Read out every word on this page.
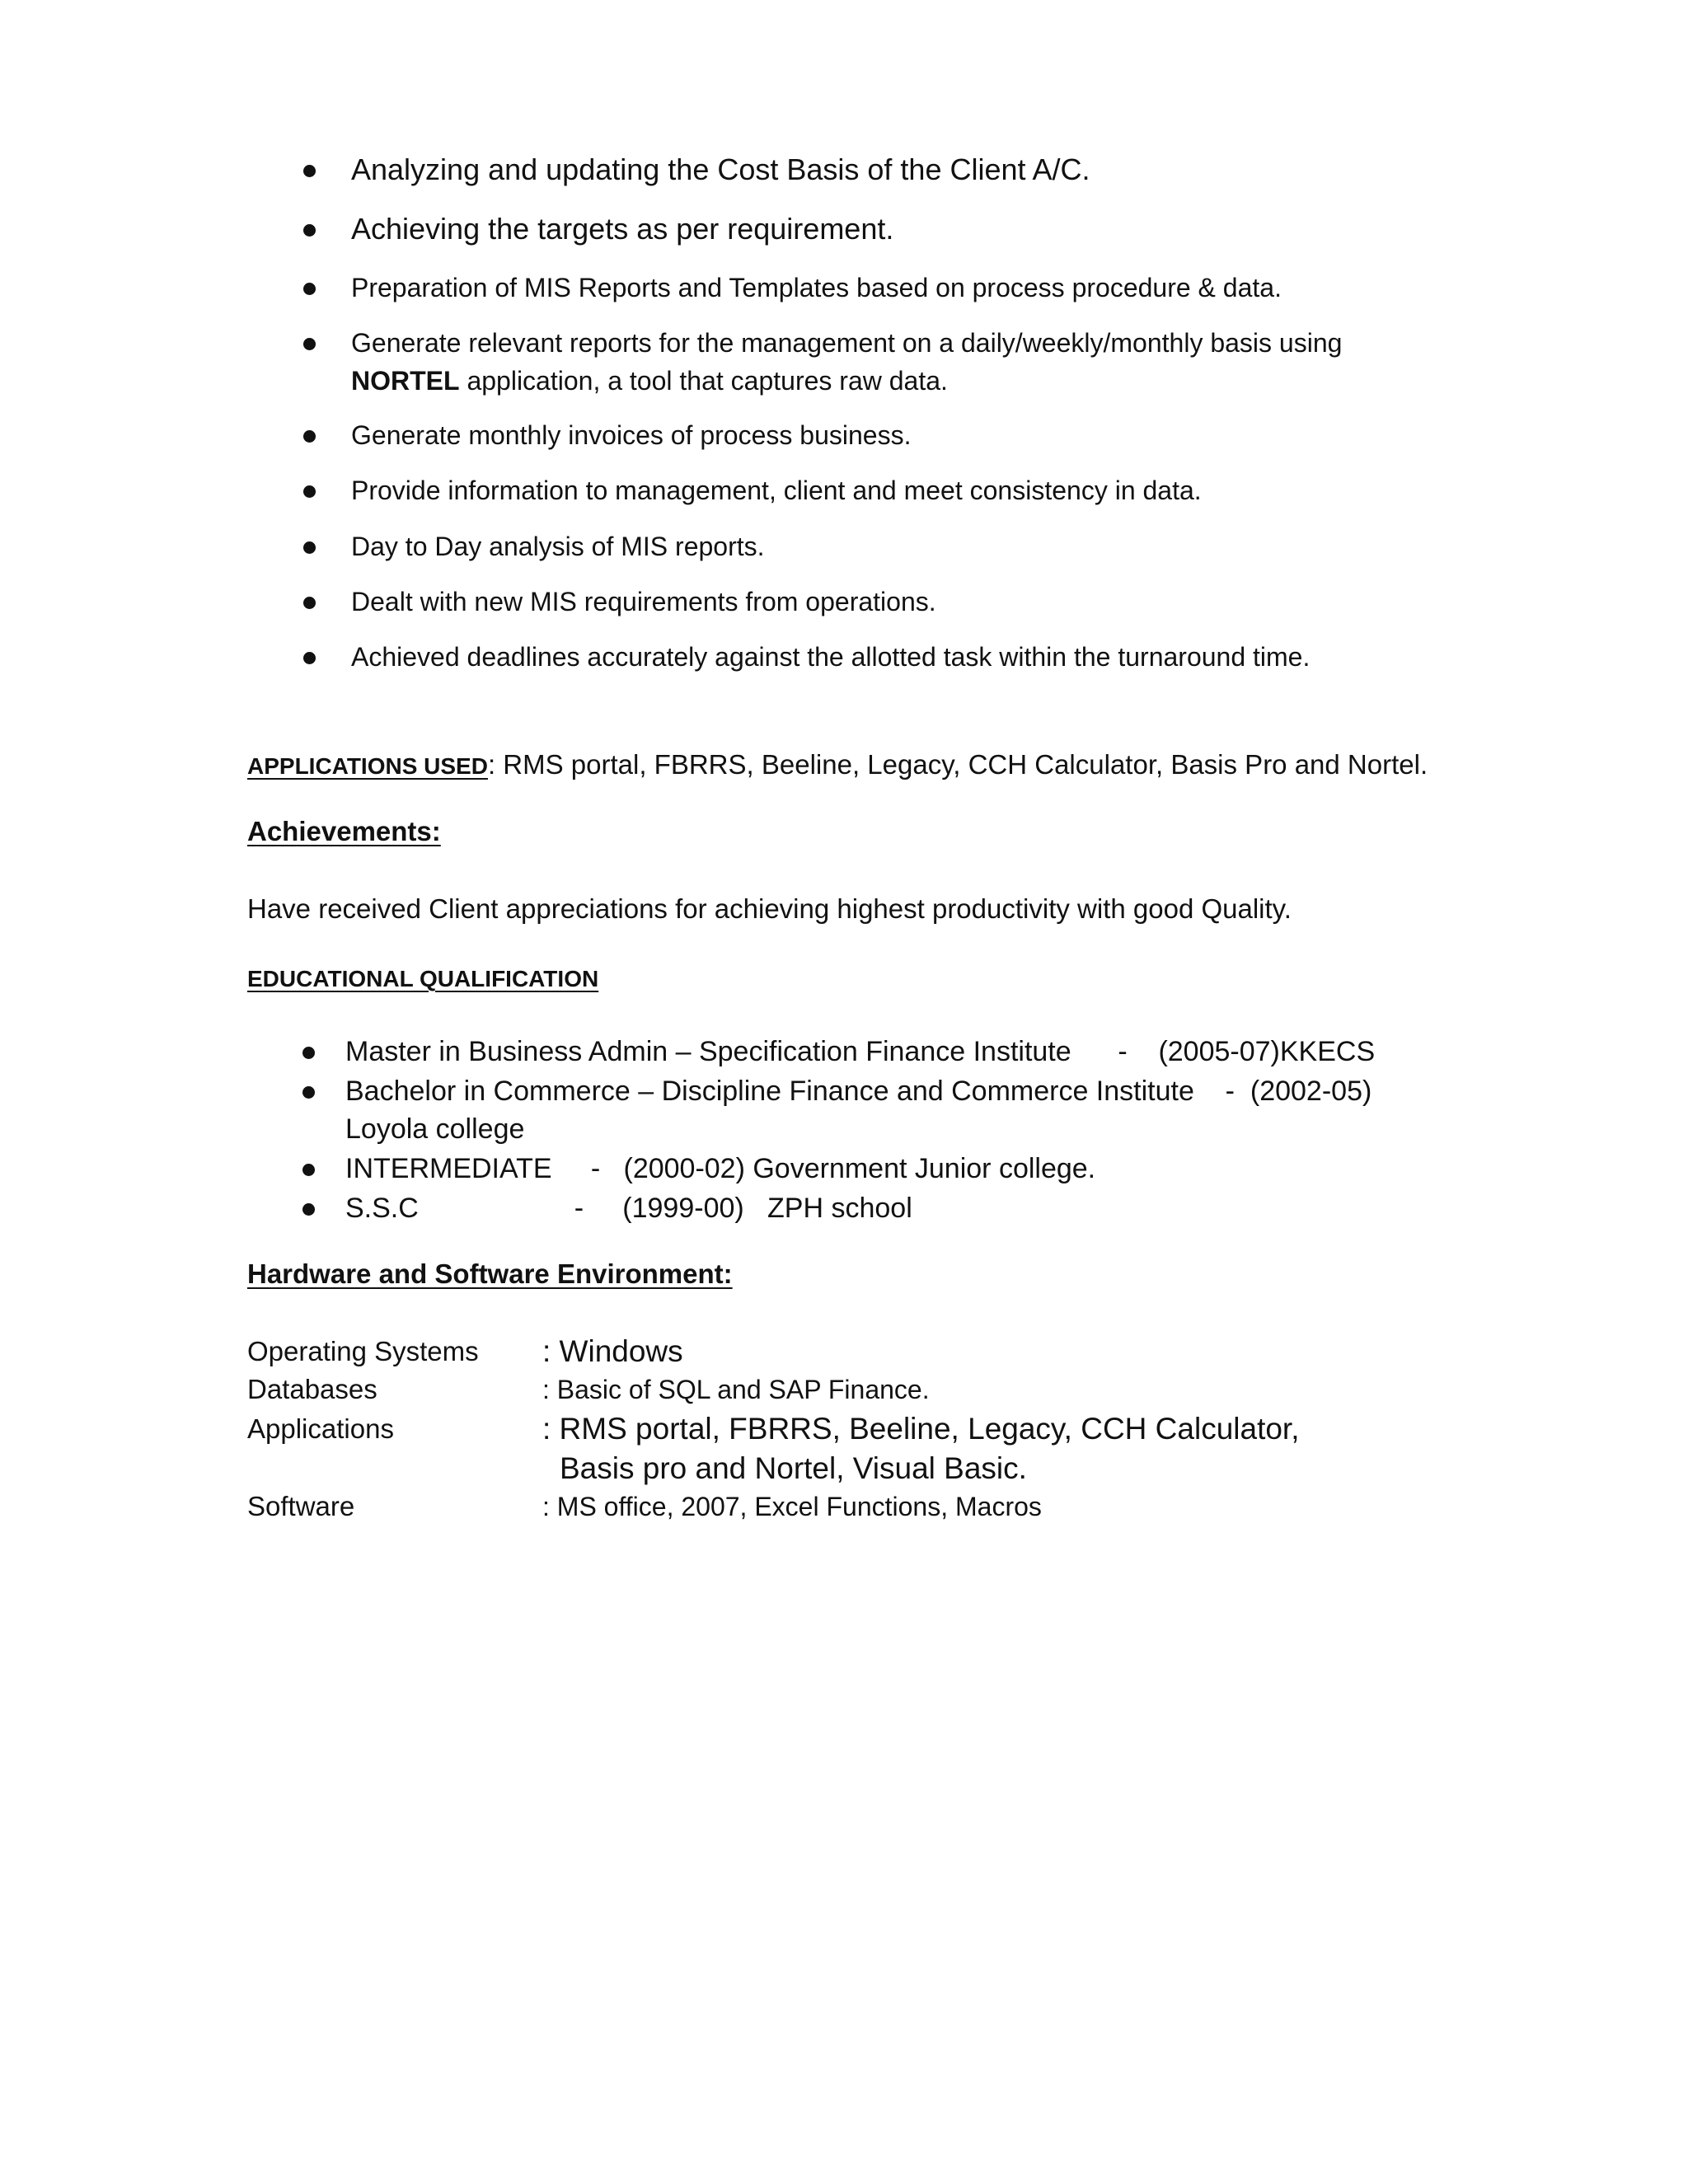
Analyzing and updating the Cost Basis of the Client A/C.
Achieving the targets as per requirement.
Preparation of MIS Reports and Templates based on process procedure & data.
Generate relevant reports for the management on a daily/weekly/monthly basis using
NORTEL application, a tool that captures raw data.
Generate monthly invoices of process business.
Provide information to management, client and meet consistency in data.
Day to Day analysis of MIS reports.
Dealt with new MIS requirements from operations.
Achieved deadlines accurately against the allotted task within the turnaround time.
APPLICATIONS USED: RMS portal, FBRRS, Beeline, Legacy, CCH Calculator, Basis Pro and Nortel.
Achievements:
Have received Client appreciations for achieving highest productivity with good Quality.
EDUCATIONAL QUALIFICATION
Master in Business Admin – Specification Finance Institute      -    (2005-07)KKECS
Bachelor in Commerce – Discipline Finance and Commerce Institute    -  (2002-05) Loyola college
INTERMEDIATE     -   (2000-02) Government Junior college.
S.S.C                    -     (1999-00)   ZPH school
Hardware and Software Environment:
Operating Systems : Windows
Databases	: Basic of SQL and SAP Finance.
Applications	: RMS portal, FBRRS, Beeline, Legacy, CCH Calculator,
Basis pro and Nortel, Visual Basic.
Software	: MS office, 2007, Excel Functions, Macros
